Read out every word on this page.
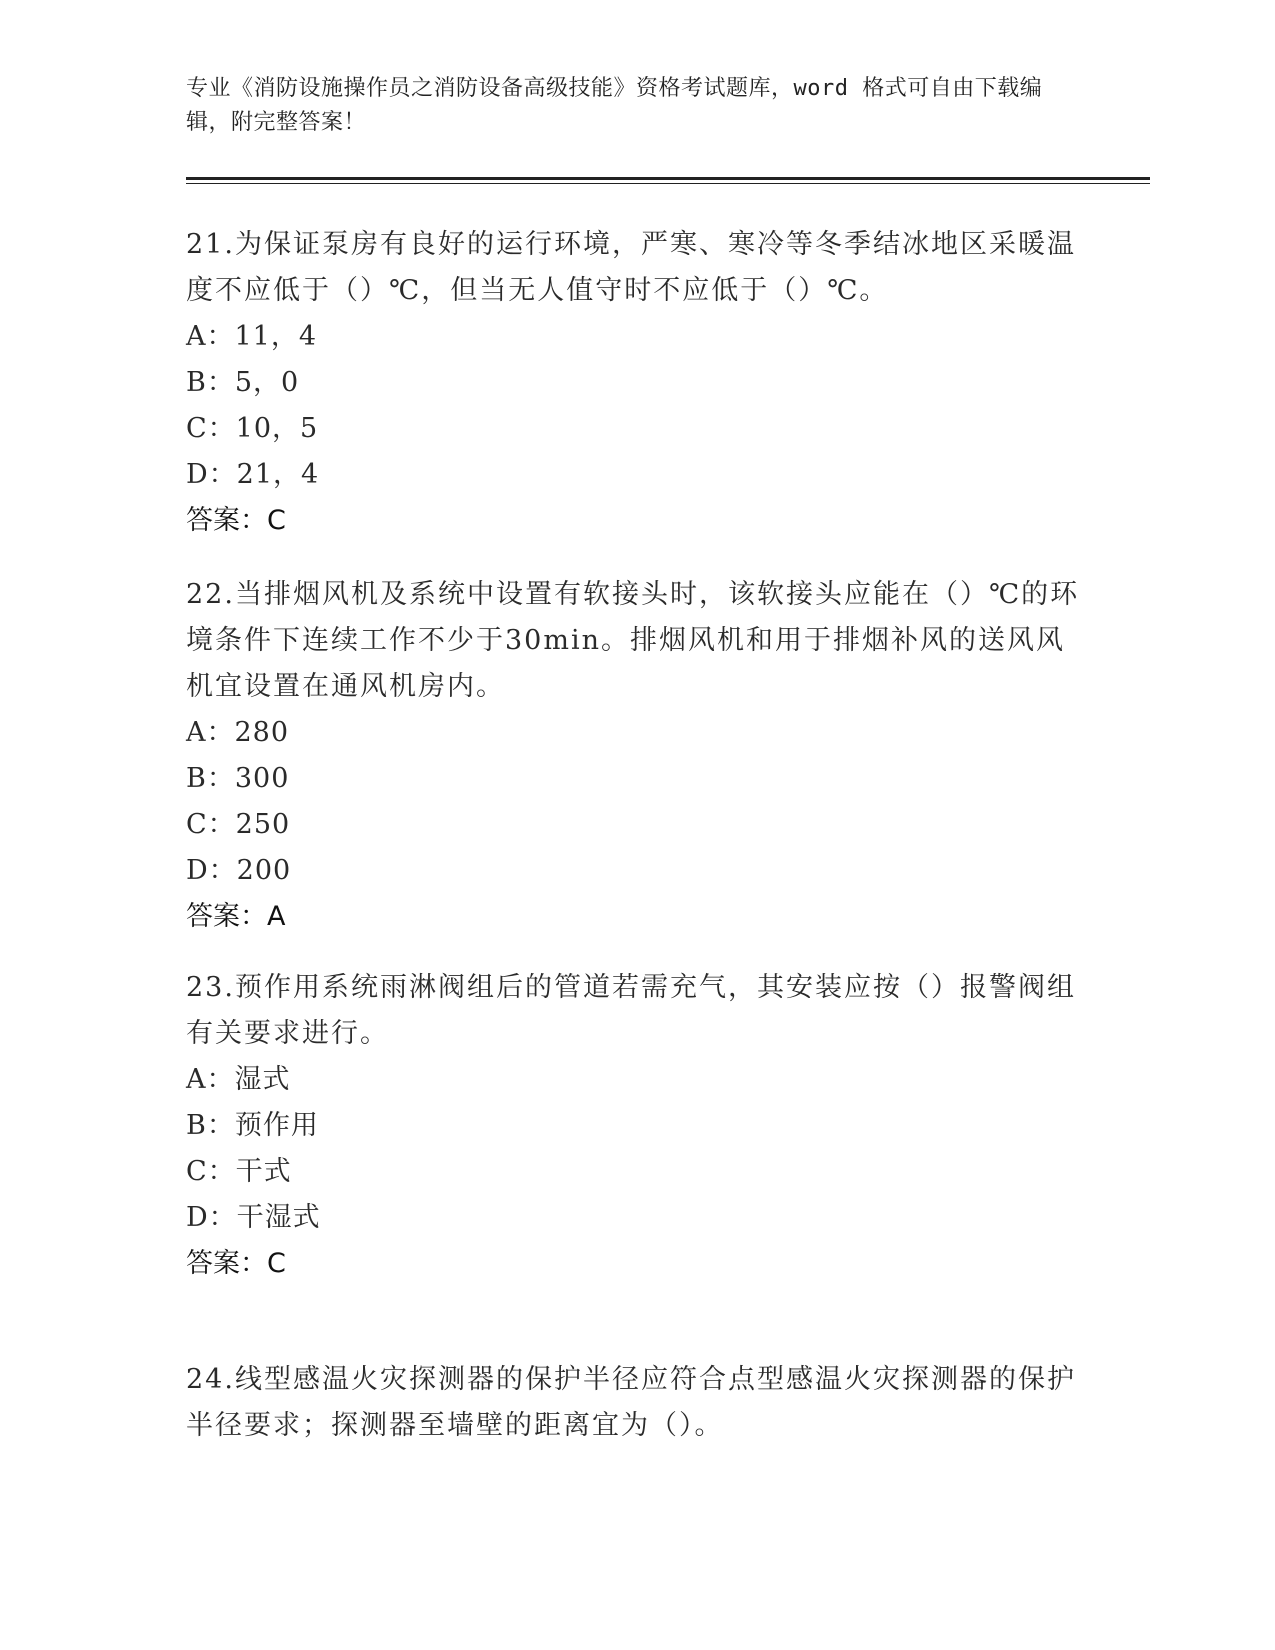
专业《消防设施操作员之消防设备高级技能》资格考试题库，word 格式可自由下载编辑，附完整答案！
21.为保证泵房有良好的运行环境，严寒、寒冷等冬季结冰地区采暖温度不应低于（）℃，但当无人值守时不应低于（）℃。
A：11，4
B：5，0
C：10，5
D：21，4
答案：C
22.当排烟风机及系统中设置有软接头时，该软接头应能在（）℃的环境条件下连续工作不少于30min。排烟风机和用于排烟补风的送风风机宜设置在通风机房内。
A：280
B：300
C：250
D：200
答案：A
23.预作用系统雨淋阀组后的管道若需充气，其安装应按（）报警阀组有关要求进行。
A：湿式
B：预作用
C：干式
D：干湿式
答案：C
24.线型感温火灾探测器的保护半径应符合点型感温火灾探测器的保护半径要求；探测器至墙壁的距离宜为（）。
